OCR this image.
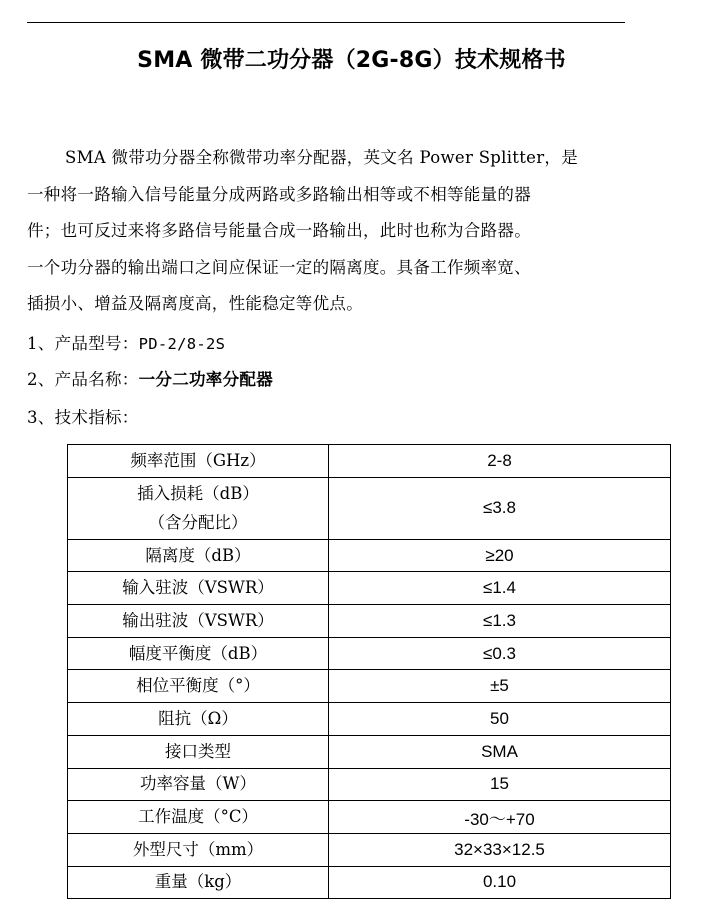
SMA 微带二功分器（2G-8G）技术规格书
SMA 微带功分器全称微带功率分配器，英文名 Power Splitter，是
一种将一路输入信号能量分成两路或多路输出相等或不相等能量的器
件；也可反过来将多路信号能量合成一路输出，此时也称为合路器。
一个功分器的输出端口之间应保证一定的隔离度。具备工作频率宽、
插损小、增益及隔离度高，性能稳定等优点。
1、产品型号：PD-2/8-2S
2、产品名称：一分二功率分配器
3、技术指标：
频率范围（GHz）	2-8

插入损耗（dB）
（含分配比）	≤3.8
隔离度（dB）	≥20
输入驻波（VSWR）	≤1.4
输出驻波（VSWR）	≤1.3
幅度平衡度（dB）	≤0.3
相位平衡度（°）	±5
阻抗（Ω）	50
接口类型	SMA
功率容量（W）	15
工作温度（°C）	-30～+70
外型尺寸（mm）	32×33×12.5
重量（kg）	0.10
